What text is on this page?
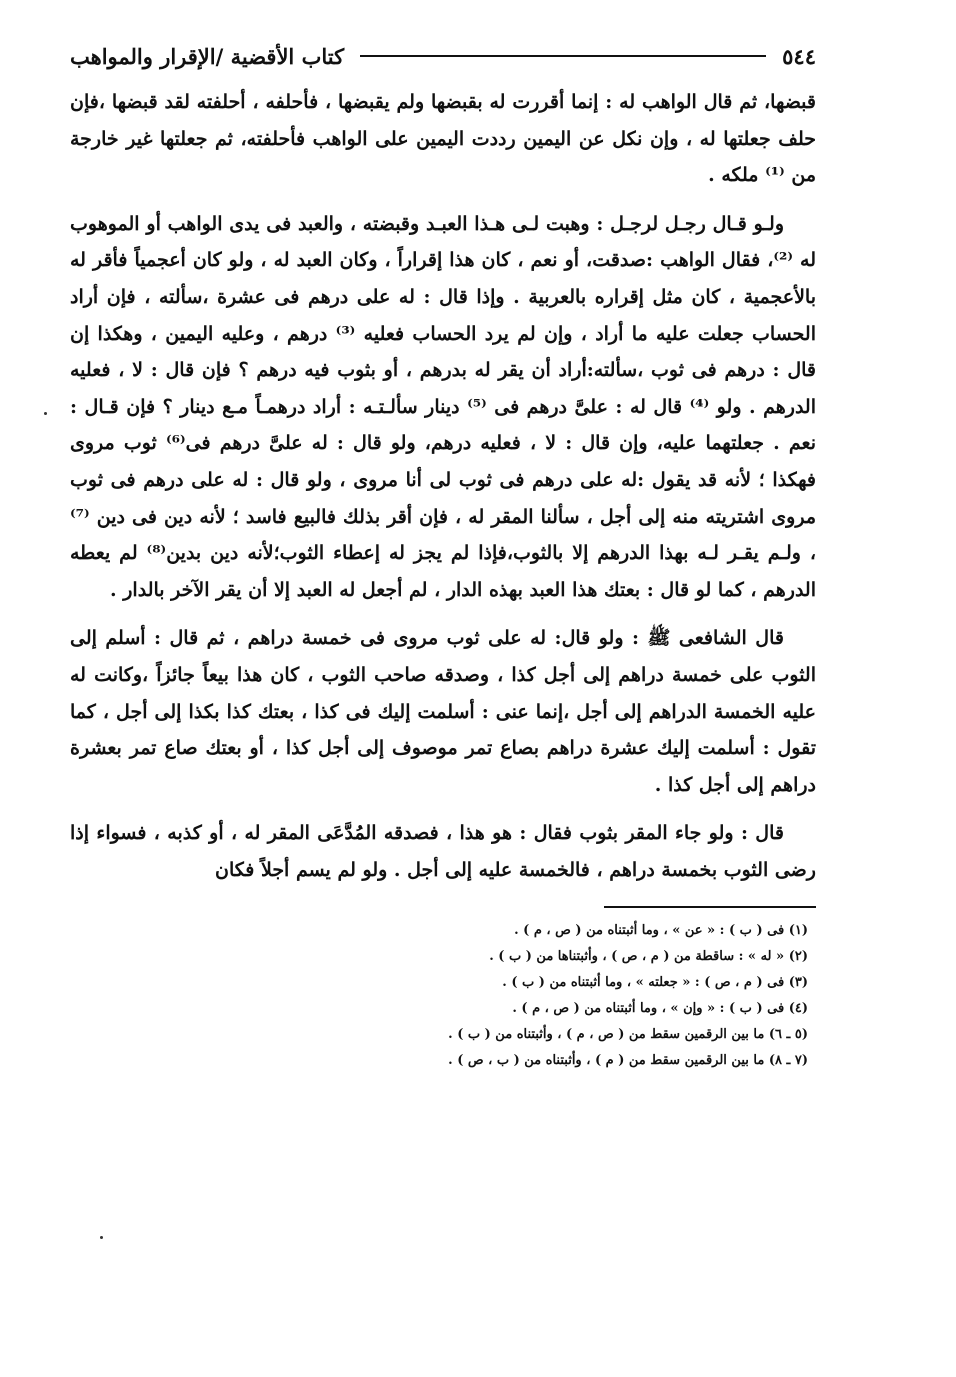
٥٤٤
كتاب الأقضية /الإقرار والمواهب

قبضها، ثم قال الواهب له : إنما أقررت له بقبضها ولم يقبضها ، فأحلفه ، أحلفته لقد قبضها ،فإن حلف جعلتها له ، وإن نكل عن اليمين رددت اليمين على الواهب فأحلفته، ثم جعلتها غير خارجة من ⁽¹⁾ ملكه .

ولـو قـال رجـل لرجـل : وهبت لـى هـذا العبـد وقبضته ، والعبد فى يدى الواهب أو الموهوب له ⁽²⁾، فقال الواهب :صدقت، أو نعم ، كان هذا إقراراً ، وكان العبد له ، ولو كان أعجمياً فأقر له بالأعجمية ، كان مثل إقراره بالعربية . وإذا قال : له على درهم فى عشرة ،سألته ، فإن أراد الحساب جعلت عليه ما أراد ، وإن لم يرد الحساب فعليه ⁽³⁾ درهم ، وعليه اليمين ، وهكذا إن قال : درهم فى ثوب ،سألته:أراد أن يقر له بدرهم ، أو بثوب فيه درهم ؟ فإن قال : لا ، فعليه الدرهم . ولو ⁽⁴⁾ قال له : علىَّ درهم فى ⁽⁵⁾ دينار سألـتـه : أراد درهمـاً مـع دينار ؟ فإن قـال : نعم . جعلتهما عليه، وإن قال : لا ، فعليه درهم، ولو قال : له علىَّ درهم فى⁽⁶⁾ ثوب مروى فهكذا ؛ لأنه قد يقول :له على درهم فى ثوب لى أنا مروى ، ولو قال : له على درهم فى ثوب مروى اشتريته منه إلى أجل ، سألنا المقر له ، فإن أقر بذلك فالبيع فاسد ؛ لأنه دين فى دين ⁽⁷⁾ ، ولـم يقـر لـه بهذا الدرهم إلا بالثوب،فإذا لم يجز له إعطاء الثوب؛لأنه دين بدين⁽⁸⁾ لم يعطه الدرهم ، كما لو قال : بعتك هذا العبد بهذه الدار ، لم أجعل له العبد إلا أن يقر الآخر بالدار .

قال الشافعى ﷺ : ولو قال: له على ثوب مروى فى خمسة دراهم ، ثم قال : أسلم إلى الثوب على خمسة دراهم إلى أجل كذا ، وصدقه صاحب الثوب ، كان هذا بيعاً جائزاً ،وكانت له عليه الخمسة الدراهم إلى أجل ،إنما عنى : أسلمت إليك فى كذا ، بعتك كذا بكذا إلى أجل ، كما تقول : أسلمت إليك عشرة دراهم بصاع تمر موصوف إلى أجل كذا ، أو بعتك صاع تمر بعشرة دراهم إلى أجل كذا .

قال : ولو جاء المقر بثوب فقال : هو هذا ، فصدقه المُدَّعَى المقر له ، أو كذبه ، فسواء إذا رضى الثوب بخمسة دراهم ، فالخمسة عليه إلى أجل . ولو لم يسم أجلاً فكان

(١) فى ( ب ) : « عن » ، وما أثبتناه من ( ص ، م ) .

(٢) « له » : ساقطة من ( م ، ص ) ، وأثبتناها من ( ب ) .

(٣) فى ( م ، ص ) : « جعلته » ، وما أثبتناه من ( ب ) .

(٤) فى ( ب ) : « وإن » ، وما أثبتناه من ( ص ، م ) .

(٥ ـ ٦) ما بين الرقمين سقط من ( ص ، م ) ، وأثبتناه من ( ب ) .

(٧ ـ ٨) ما بين الرقمين سقط من ( م ) ، وأثبتناه من ( ب ، ص ) .
